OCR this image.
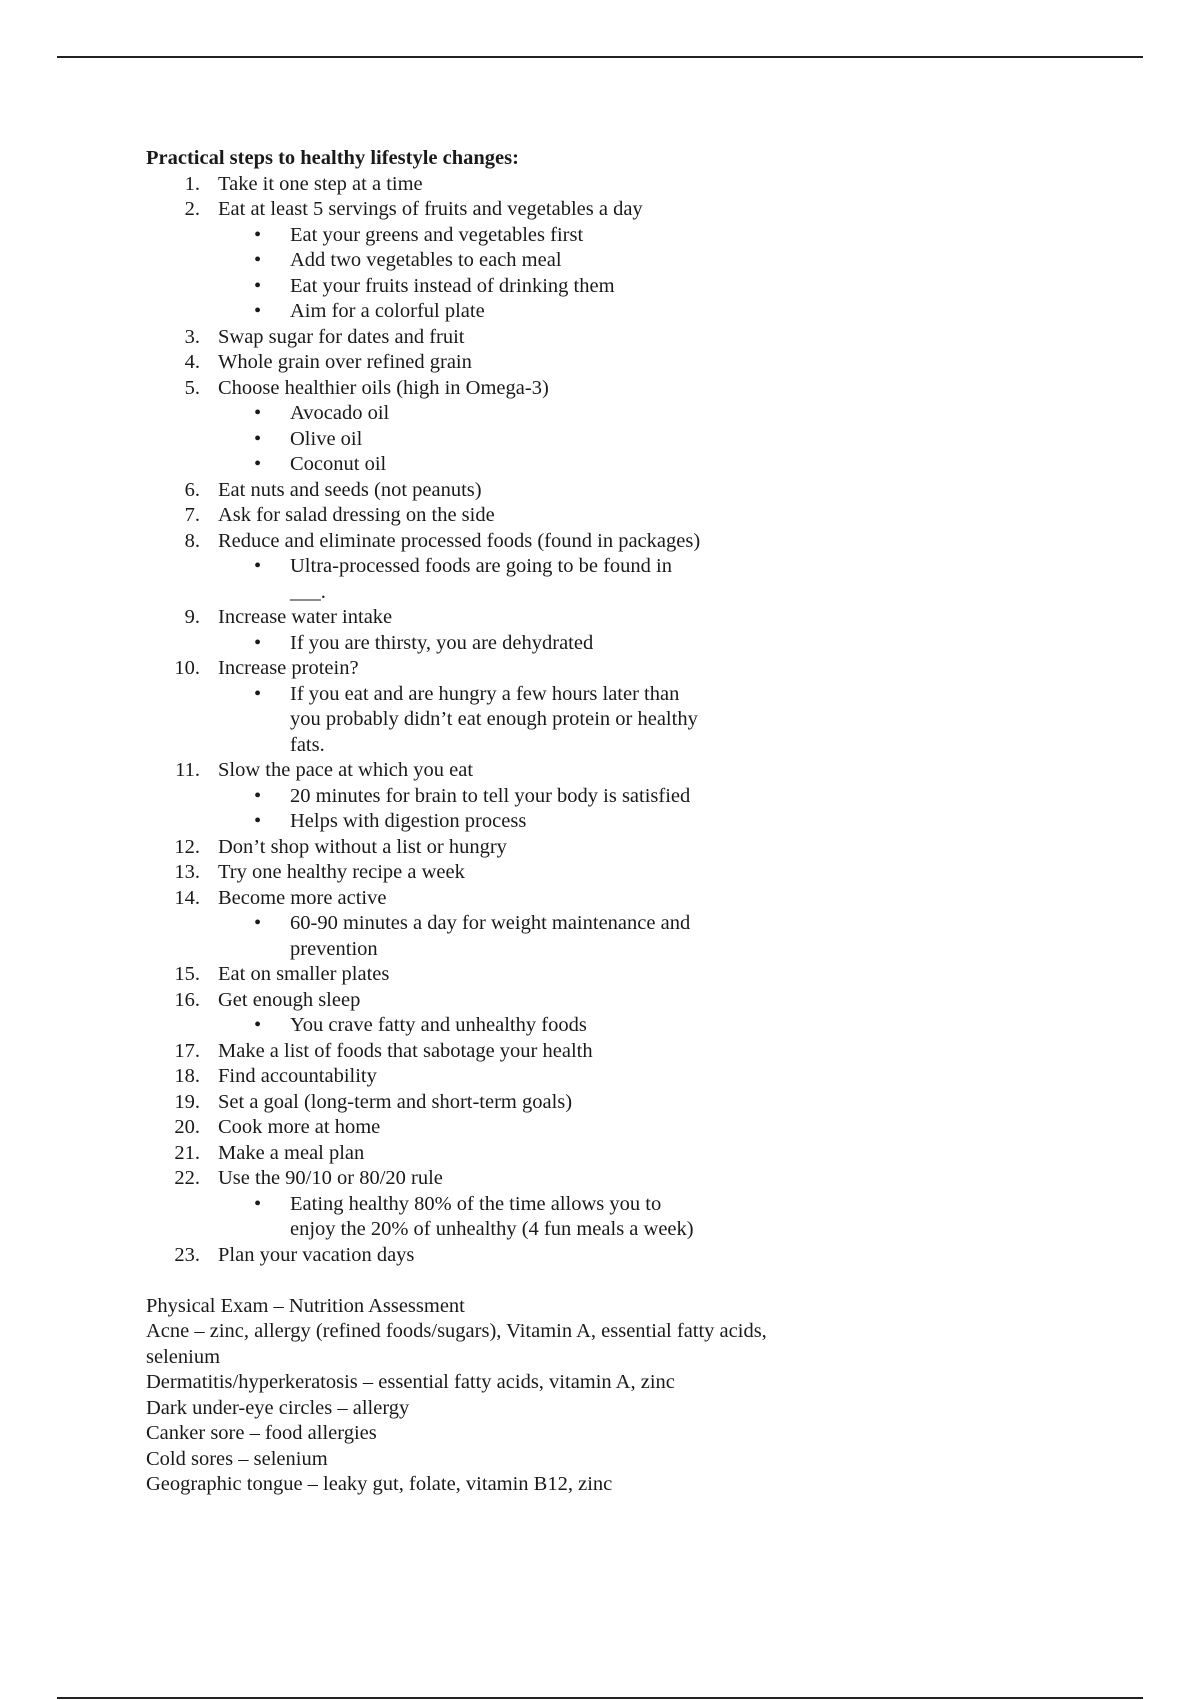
Practical steps to healthy lifestyle changes:

1. Take it one step at a time
2. Eat at least 5 servings of fruits and vegetables a day
• Eat your greens and vegetables first
• Add two vegetables to each meal
• Eat your fruits instead of drinking them
• Aim for a colorful plate
3. Swap sugar for dates and fruit
4. Whole grain over refined grain
5. Choose healthier oils (high in Omega-3)
• Avocado oil
• Olive oil
• Coconut oil
6. Eat nuts and seeds (not peanuts)
7. Ask for salad dressing on the side
8. Reduce and eliminate processed foods (found in packages)
• Ultra-processed foods are going to be found in ___.
9. Increase water intake
• If you are thirsty, you are dehydrated
10. Increase protein?
• If you eat and are hungry a few hours later than you probably didn’t eat enough protein or healthy fats.
11. Slow the pace at which you eat
• 20 minutes for brain to tell your body is satisfied
• Helps with digestion process
12. Don’t shop without a list or hungry
13. Try one healthy recipe a week
14. Become more active
• 60-90 minutes a day for weight maintenance and prevention
15. Eat on smaller plates
16. Get enough sleep
• You crave fatty and unhealthy foods
17. Make a list of foods that sabotage your health
18. Find accountability
19. Set a goal (long-term and short-term goals)
20. Cook more at home
21. Make a meal plan
22. Use the 90/10 or 80/20 rule
• Eating healthy 80% of the time allows you to enjoy the 20% of unhealthy (4 fun meals a week)
23. Plan your vacation days

Physical Exam – Nutrition Assessment

Acne – zinc, allergy (refined foods/sugars), Vitamin A, essential fatty acids, selenium

Dermatitis/hyperkeratosis – essential fatty acids, vitamin A, zinc

Dark under-eye circles – allergy

Canker sore – food allergies

Cold sores – selenium

Geographic tongue – leaky gut, folate, vitamin B12, zinc
